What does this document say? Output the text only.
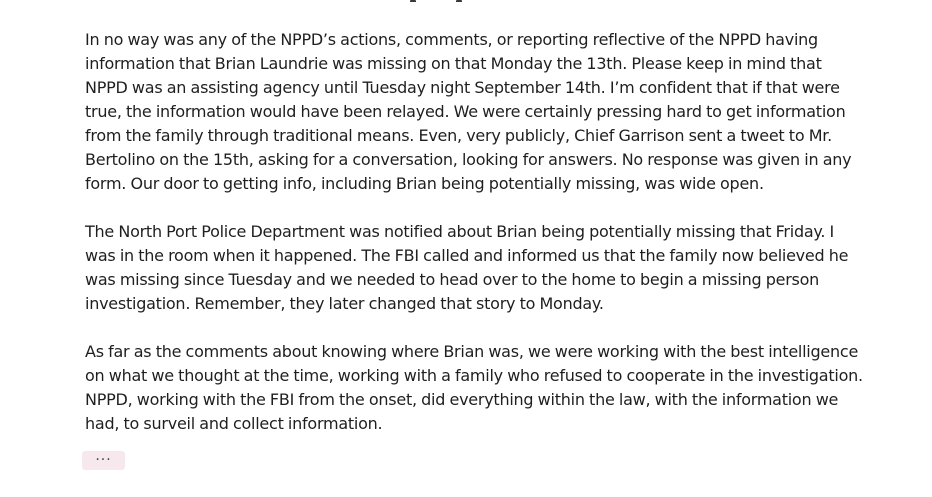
In no way was any of the NPPD’s actions, comments, or reporting reflective of the NPPD having
information that Brian Laundrie was missing on that Monday the 13th. Please keep in mind that
NPPD was an assisting agency until Tuesday night September 14th. I’m confident that if that were
true, the information would have been relayed. We were certainly pressing hard to get information
from the family through traditional means. Even, very publicly, Chief Garrison sent a tweet to Mr.
Bertolino on the 15th, asking for a conversation, looking for answers. No response was given in any
form. Our door to getting info, including Brian being potentially missing, was wide open.

The North Port Police Department was notified about Brian being potentially missing that Friday. I
was in the room when it happened. The FBI called and informed us that the family now believed he
was missing since Tuesday and we needed to head over to the home to begin a missing person
investigation. Remember, they later changed that story to Monday.

As far as the comments about knowing where Brian was, we were working with the best intelligence
on what we thought at the time, working with a family who refused to cooperate in the investigation.
NPPD, working with the FBI from the onset, did everything within the law, with the information we
had, to surveil and collect information.

···
